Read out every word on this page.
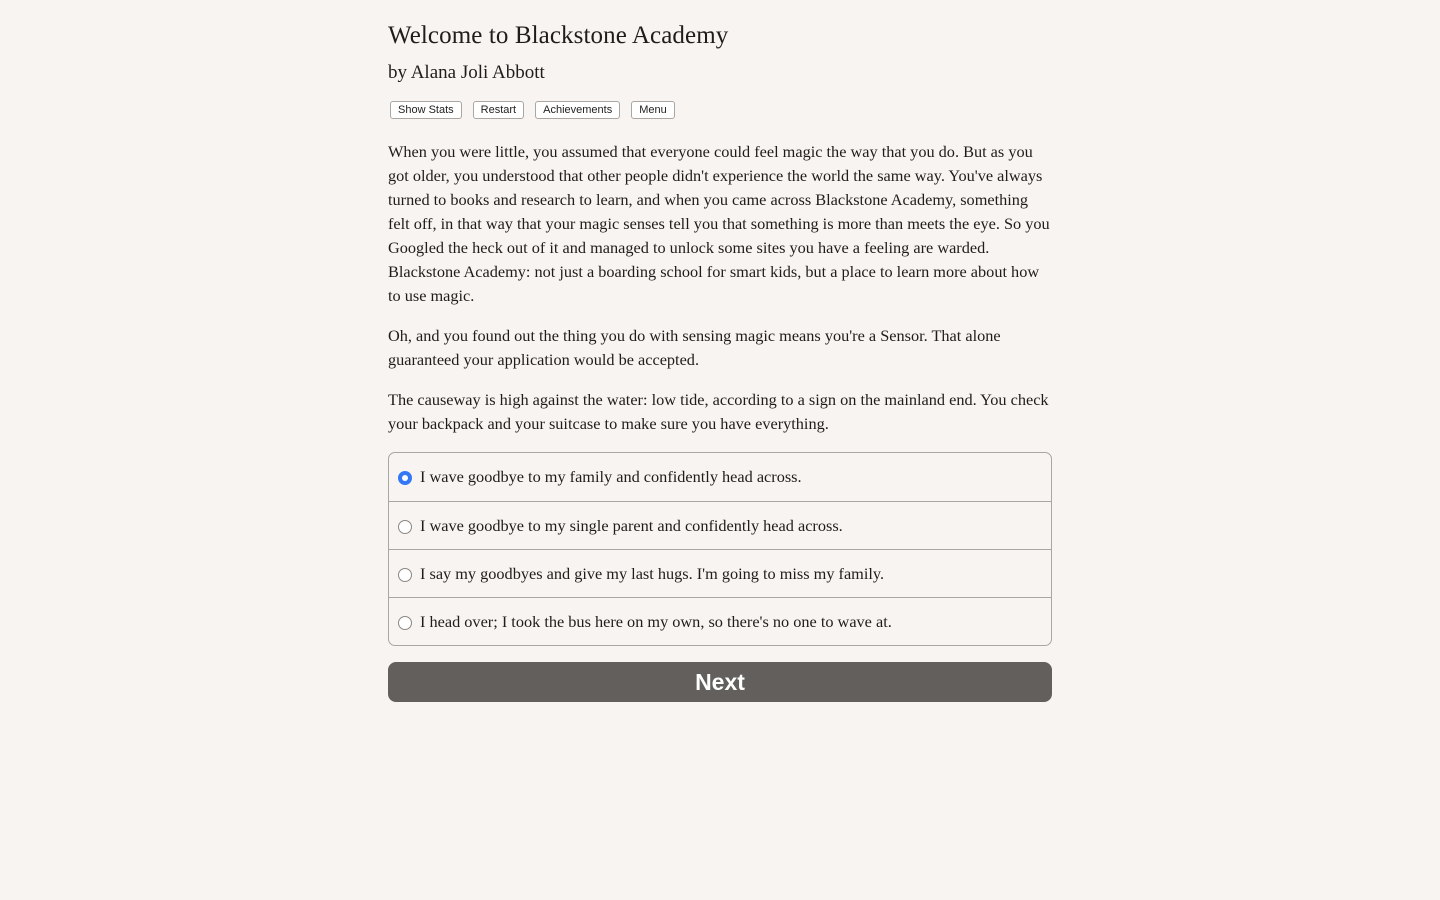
Welcome to Blackstone Academy
by Alana Joli Abbott
Show Stats	Restart	Achievements	Menu

When you were little, you assumed that everyone could feel magic the way that you do. But as you got older, you understood that other people didn't experience the world the same way. You've always turned to books and research to learn, and when you came across Blackstone Academy, something felt off, in that way that your magic senses tell you that something is more than meets the eye. So you Googled the heck out of it and managed to unlock some sites you have a feeling are warded. Blackstone Academy: not just a boarding school for smart kids, but a place to learn more about how to use magic.

Oh, and you found out the thing you do with sensing magic means you're a Sensor. That alone guaranteed your application would be accepted.

The causeway is high against the water: low tide, according to a sign on the mainland end. You check your backpack and your suitcase to make sure you have everything.

I wave goodbye to my family and confidently head across.
I wave goodbye to my single parent and confidently head across.
I say my goodbyes and give my last hugs. I'm going to miss my family.
I head over; I took the bus here on my own, so there's no one to wave at.
Next
